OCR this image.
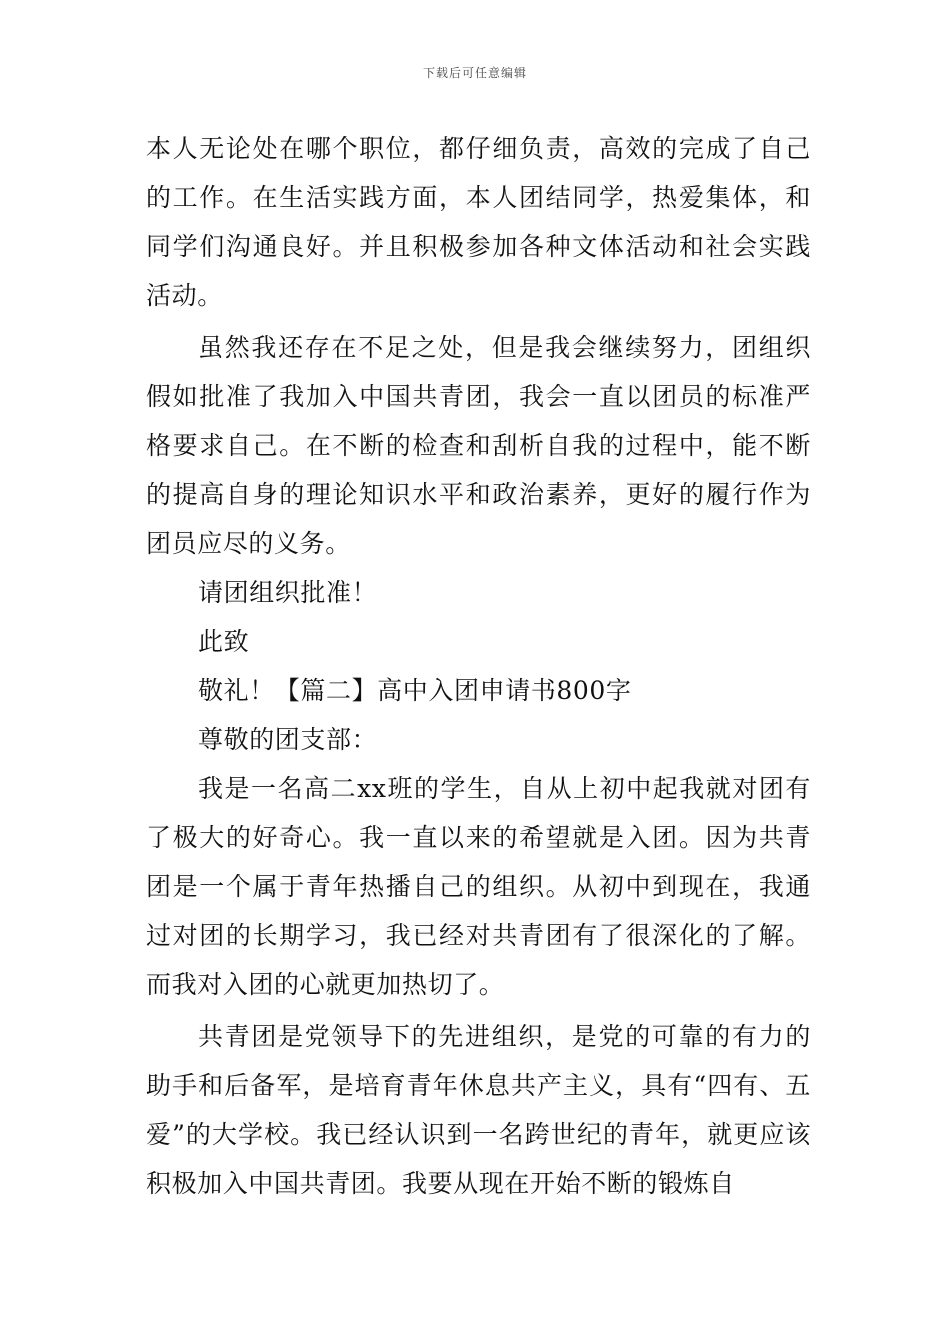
下载后可任意编辑

本人无论处在哪个职位，都仔细负责，高效的完成了自己的工作。在生活实践方面，本人团结同学，热爱集体，和同学们沟通良好。并且积极参加各种文体活动和社会实践活动。

虽然我还存在不足之处，但是我会继续努力，团组织假如批准了我加入中国共青团，我会一直以团员的标准严格要求自己。在不断的检查和刮析自我的过程中，能不断的提高自身的理论知识水平和政治素养，更好的履行作为团员应尽的义务。

请团组织批准！

此致

敬礼！【篇二】高中入团申请书800字

尊敬的团支部：

我是一名高二xx班的学生，自从上初中起我就对团有了极大的好奇心。我一直以来的希望就是入团。因为共青团是一个属于青年热播自己的组织。从初中到现在，我通过对团的长期学习，我已经对共青团有了很深化的了解。而我对入团的心就更加热切了。

共青团是党领导下的先进组织，是党的可靠的有力的助手和后备军，是培育青年休息共产主义，具有“四有、五爱”的大学校。我已经认识到一名跨世纪的青年，就更应该积极加入中国共青团。我要从现在开始不断的锻炼自
